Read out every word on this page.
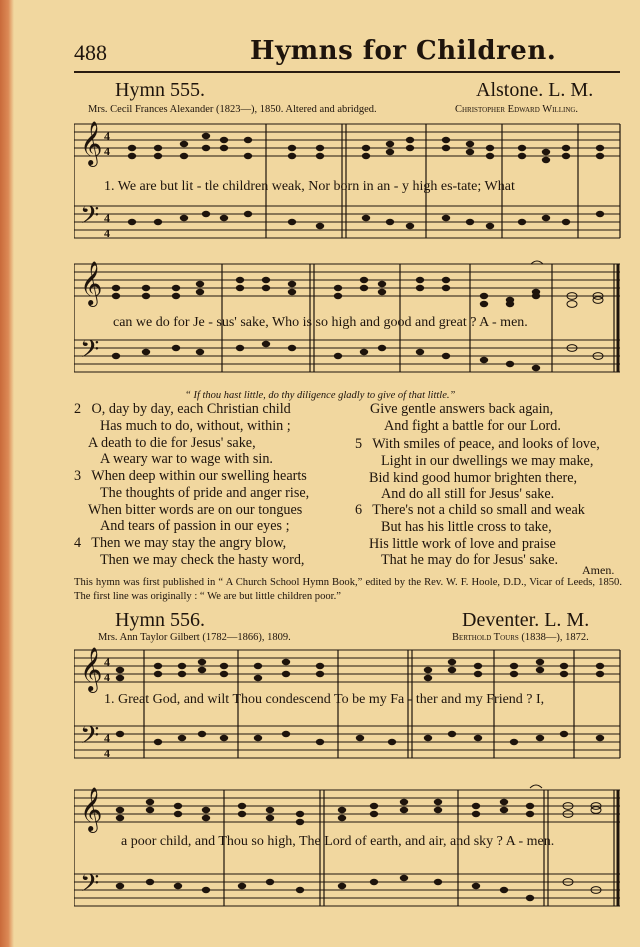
488	Hymns for Children.
Hymn 555.	Alstone. L. M.
Mrs. Cecil Frances Alexander (1823—), 1850. Altered and abridged.	Christopher Edward Willing.
𝄞
𝄢
4
4
4
4
1. We are but lit - tle children weak, Nor born in an - y high es-tate; What
𝄞
𝄢
can we do for Je - sus' sake, Who is so high and good and great ? A - men.
“ If thou hast little, do thy diligence gladly to give of that little.”
2 O, day by day, each Christian child
Has much to do, without, within ;
A death to die for Jesus' sake,
A weary war to wage with sin.
3 When deep within our swelling hearts
The thoughts of pride and anger rise,
When bitter words are on our tongues
And tears of passion in our eyes ;
4 Then we may stay the angry blow,
Then we may check the hasty word,
Give gentle answers back again,
And fight a battle for our Lord.
5 With smiles of peace, and looks of love,
Light in our dwellings we may make,
Bid kind good humor brighten there,
And do all still for Jesus' sake.
6 There's not a child so small and weak
But has his little cross to take,
His little work of love and praise
That he may do for Jesus' sake.
Amen.
This hymn was first published in “ A Church School Hymn Book,” edited by the Rev. W. F. Hoole, D.D., Vicar of Leeds, 1850. The first line was originally : “ We are but little children poor.”
Hymn 556.	Deventer. L. M.
Mrs. Ann Taylor Gilbert (1782—1866), 1809.	Berthold Tours (1838—), 1872.
𝄞
𝄢
4
4
4
4
1. Great God, and wilt Thou condescend To be my Fa - ther and my Friend ? I,
𝄞
𝄢
a poor child, and Thou so high, The Lord of earth, and air, and sky ? A - men.
